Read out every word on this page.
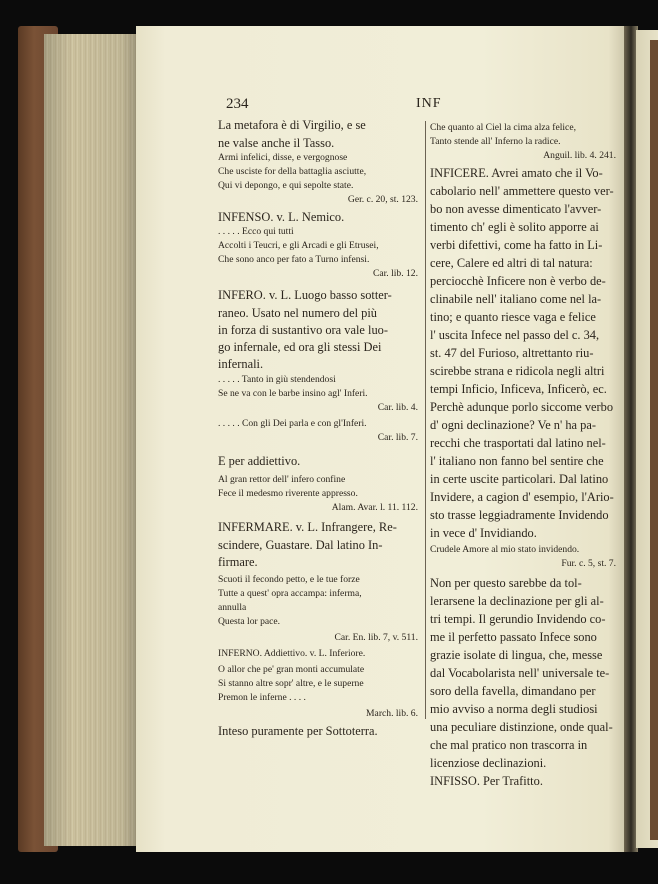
234	INF
La metafora è di Virgilio, e se
ne valse anche il Tasso.
Armi infelici, disse, e vergognose
Che usciste for della battaglia asciutte,
Qui vi depongo, e qui sepolte state.
Ger. c. 20, st. 123.
INFENSO. v. L. Nemico.
. . . . . Ecco qui tutti
Accolti i Teucri, e gli Arcadi e gli Etrusei,
Che sono anco per fato a Turno infensi.
Car. lib. 12.
INFERO. v. L. Luogo basso sotter-
raneo. Usato nel numero del più
in forza di sustantivo ora vale luo-
go infernale, ed ora gli stessi Dei
infernali.
. . . . . Tanto in giù stendendosi
Se ne va con le barbe insino agl' Inferi.
Car. lib. 4.
. . . . . Con gli Dei parla e con gl'Inferi.
Car. lib. 7.
E per addiettivo.
Al gran rettor dell' infero confine
Fece il medesmo riverente appresso.
Alam. Avar. l. 11. 112.
INFERMARE. v. L. Infrangere, Re-
scindere, Guastare. Dal latino In-
firmare.
Scuoti il fecondo petto, e le tue forze
Tutte a quest' opra accampa: inferma,
annulla
Questa lor pace.
Car. En. lib. 7, v. 511.
INFERNO. Addiettivo. v. L. Inferiore.
O allor che pe' gran monti accumulate
Si stanno altre sopr' altre, e le superne
Premon le inferne . . . .
March. lib. 6.
Inteso puramente per Sottoterra.
Che quanto al Ciel la cima alza felice,
Tanto stende all' Inferno la radice.
Anguil. lib. 4. 241.
INFICERE. Avrei amato che il Vo-
cabolario nell' ammettere questo ver-
bo non avesse dimenticato l'avver-
timento ch' egli è solito apporre ai
verbi difettivi, come ha fatto in Li-
cere, Calere ed altri di tal natura:
perciocchè Inficere non è verbo de-
clinabile nell' italiano come nel la-
tino; e quanto riesce vaga e felice
l' uscita Infece nel passo del c. 34,
st. 47 del Furioso, altrettanto riu-
scirebbe strana e ridicola negli altri
tempi Inficio, Inficeva, Inficerò, ec.
Perchè adunque porlo siccome verbo
d' ogni declinazione? Ve n' ha pa-
recchi che trasportati dal latino nel-
l' italiano non fanno bel sentire che
in certe uscite particolari. Dal latino
Invidere, a cagion d' esempio, l'Ario-
sto trasse leggiadramente Invidendo
in vece d' Invidiando.
Crudele Amore al mio stato invidendo.
Fur. c. 5, st. 7.
Non per questo sarebbe da tol-
lerarsene la declinazione per gli al-
tri tempi. Il gerundio Invidendo co-
me il perfetto passato Infece sono
grazie isolate di lingua, che, messe
dal Vocabolarista nell' universale te-
soro della favella, dimandano per
mio avviso a norma degli studiosi
una peculiare distinzione, onde qual-
che mal pratico non trascorra in
licenziose declinazioni.
INFISSO. Per Trafitto.
